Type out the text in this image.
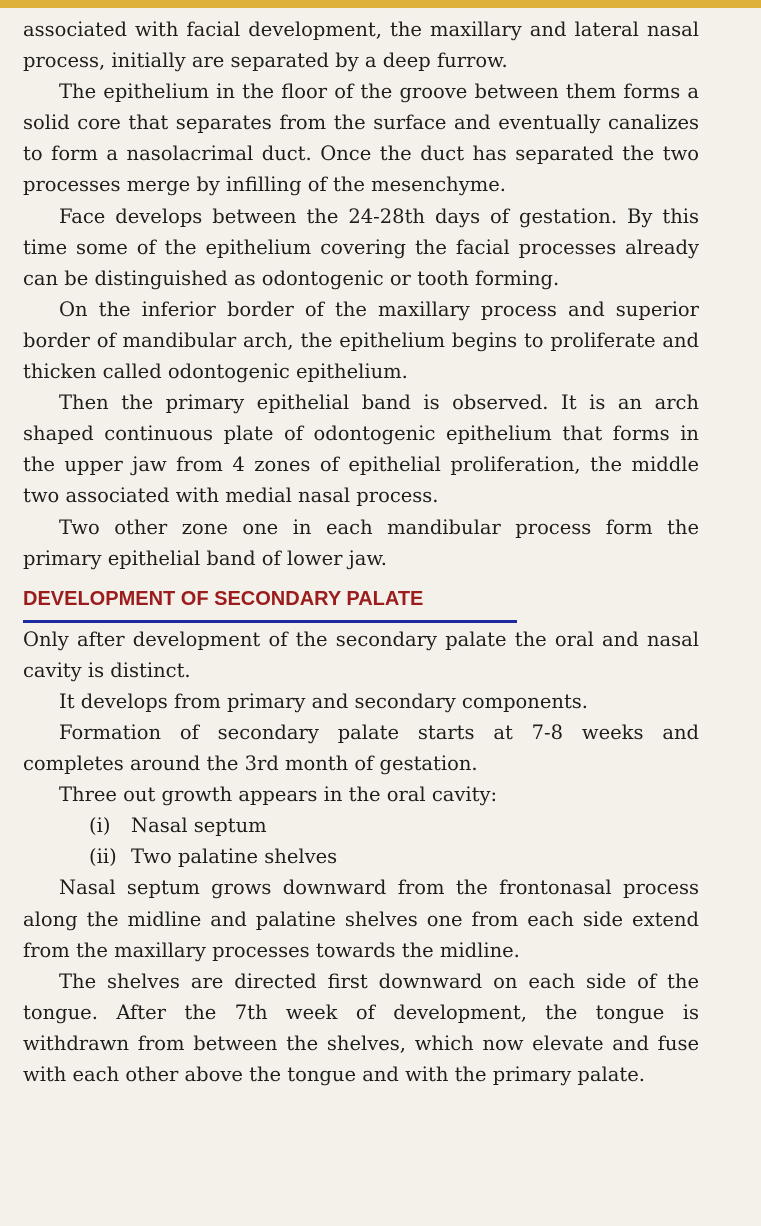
associated with facial development, the maxillary and lateral nasal process, initially are separated by a deep furrow.

The epithelium in the floor of the groove between them forms a solid core that separates from the surface and eventually canalizes to form a nasolacrimal duct. Once the duct has separated the two processes merge by infilling of the mesenchyme.

Face develops between the 24-28th days of gestation. By this time some of the epithelium covering the facial processes already can be distinguished as odontogenic or tooth forming.

On the inferior border of the maxillary process and superior border of mandibular arch, the epithelium begins to proliferate and thicken called odontogenic epithelium.

Then the primary epithelial band is observed. It is an arch shaped continuous plate of odontogenic epithelium that forms in the upper jaw from 4 zones of epithelial proliferation, the middle two associated with medial nasal process.

Two other zone one in each mandibular process form the primary epithelial band of lower jaw.

DEVELOPMENT OF SECONDARY PALATE

Only after development of the secondary palate the oral and nasal cavity is distinct.

It develops from primary and secondary components.

Formation of secondary palate starts at 7-8 weeks and completes around the 3rd month of gestation.

Three out growth appears in the oral cavity:

(i) Nasal septum

(ii) Two palatine shelves

Nasal septum grows downward from the frontonasal process along the midline and palatine shelves one from each side extend from the maxillary processes towards the midline.

The shelves are directed first downward on each side of the tongue. After the 7th week of development, the tongue is withdrawn from between the shelves, which now elevate and fuse with each other above the tongue and with the primary palate.
